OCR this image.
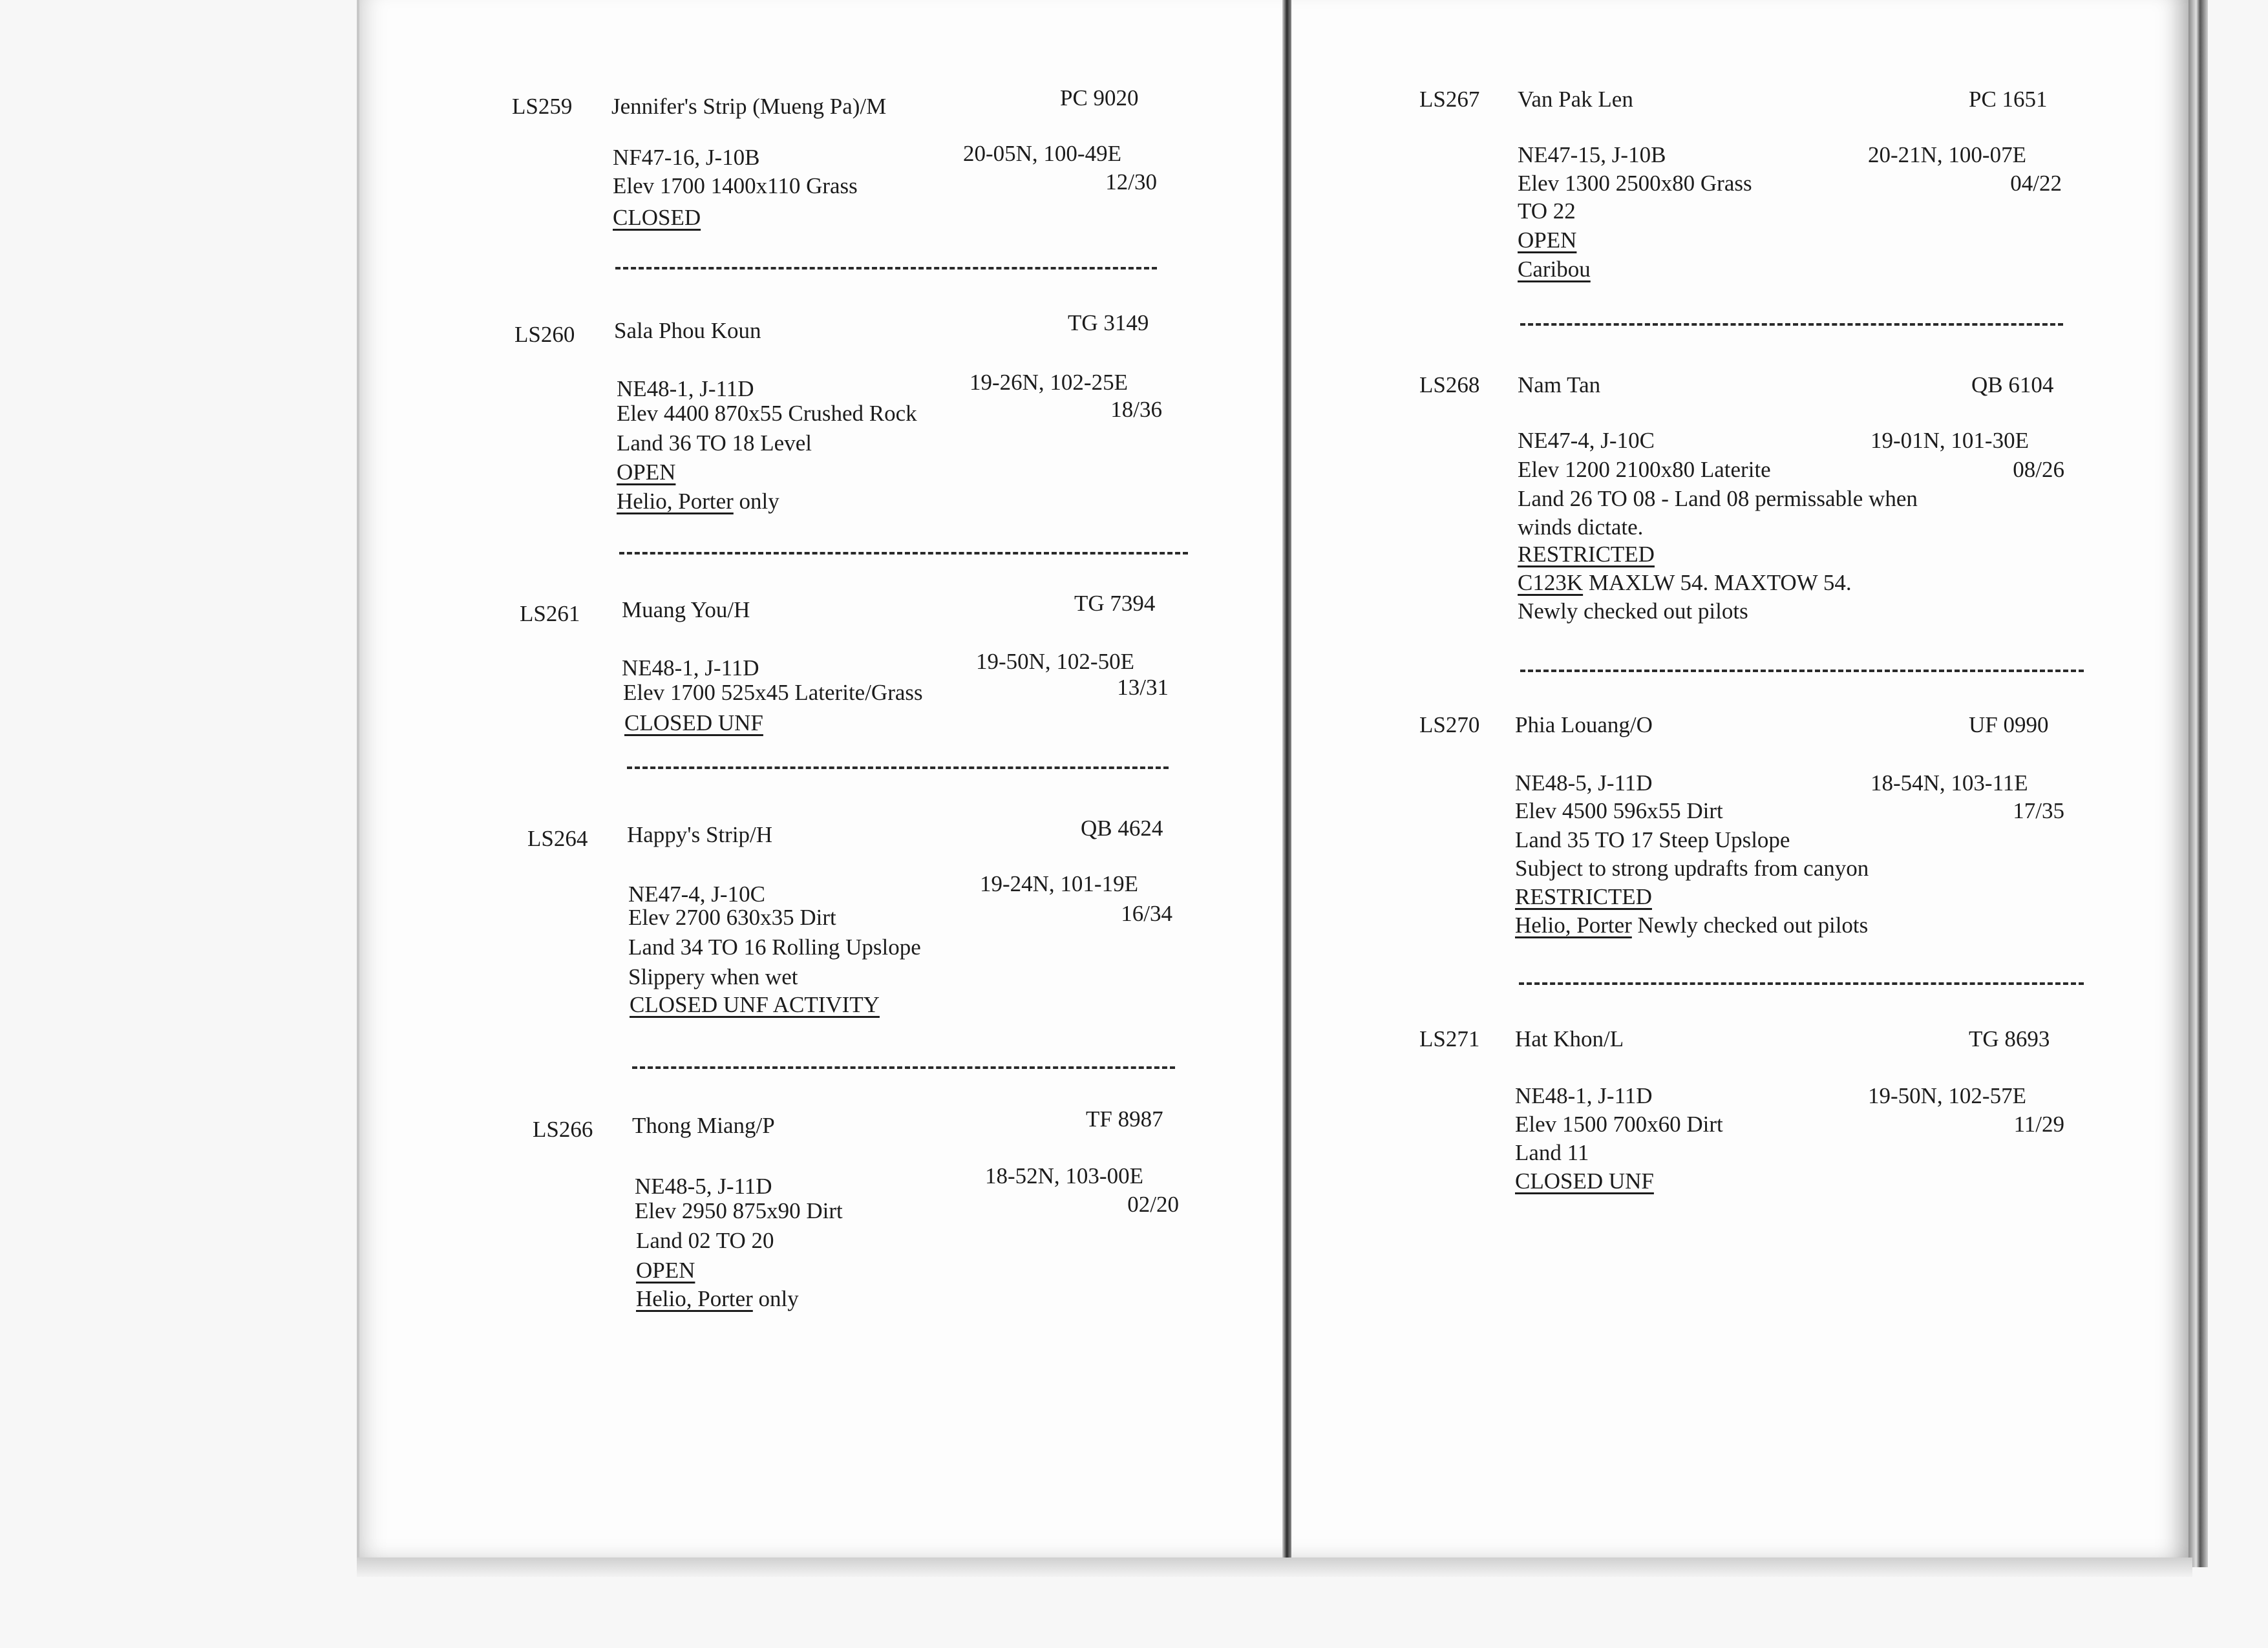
LS259 Jennifer's Strip (Mueng Pa)/M	PC 9020
NF47-16, J-10B	20-05N, 100-49E
Elev 1700 1400x110 Grass	12/30
CLOSED
LS260 Sala Phou Koun	TG 3149
NE48-1, J-11D	19-26N, 102-25E
Elev 4400 870x55 Crushed Rock	18/36
Land 36 TO 18 Level
OPEN
Helio, Porter only
LS261 Muang You/H	TG 7394
NE48-1, J-11D	19-50N, 102-50E
Elev 1700 525x45 Laterite/Grass	13/31
CLOSED UNF
LS264 Happy's Strip/H	QB 4624
NE47-4, J-10C	19-24N, 101-19E
Elev 2700 630x35 Dirt	16/34
Land 34 TO 16 Rolling Upslope
Slippery when wet
CLOSED UNF ACTIVITY
LS266 Thong Miang/P	TF 8987
NE48-5, J-11D	18-52N, 103-00E
Elev 2950 875x90 Dirt	02/20
Land 02 TO 20
OPEN
Helio, Porter only
LS267 Van Pak Len	PC 1651
NE47-15, J-10B	20-21N, 100-07E
Elev 1300 2500x80 Grass	04/22
TO 22
OPEN
Caribou
LS268 Nam Tan	QB 6104
NE47-4, J-10C	19-01N, 101-30E
Elev 1200 2100x80 Laterite	08/26
Land 26 TO 08 - Land 08 permissable when
winds dictate.
RESTRICTED
C123K MAXLW 54. MAXTOW 54.
Newly checked out pilots
LS270 Phia Louang/O	UF 0990
NE48-5, J-11D	18-54N, 103-11E
Elev 4500 596x55 Dirt	17/35
Land 35 TO 17 Steep Upslope
Subject to strong updrafts from canyon
RESTRICTED
Helio, Porter Newly checked out pilots
LS271 Hat Khon/L	TG 8693
NE48-1, J-11D	19-50N, 102-57E
Elev 1500 700x60 Dirt	11/29
Land 11
CLOSED UNF
